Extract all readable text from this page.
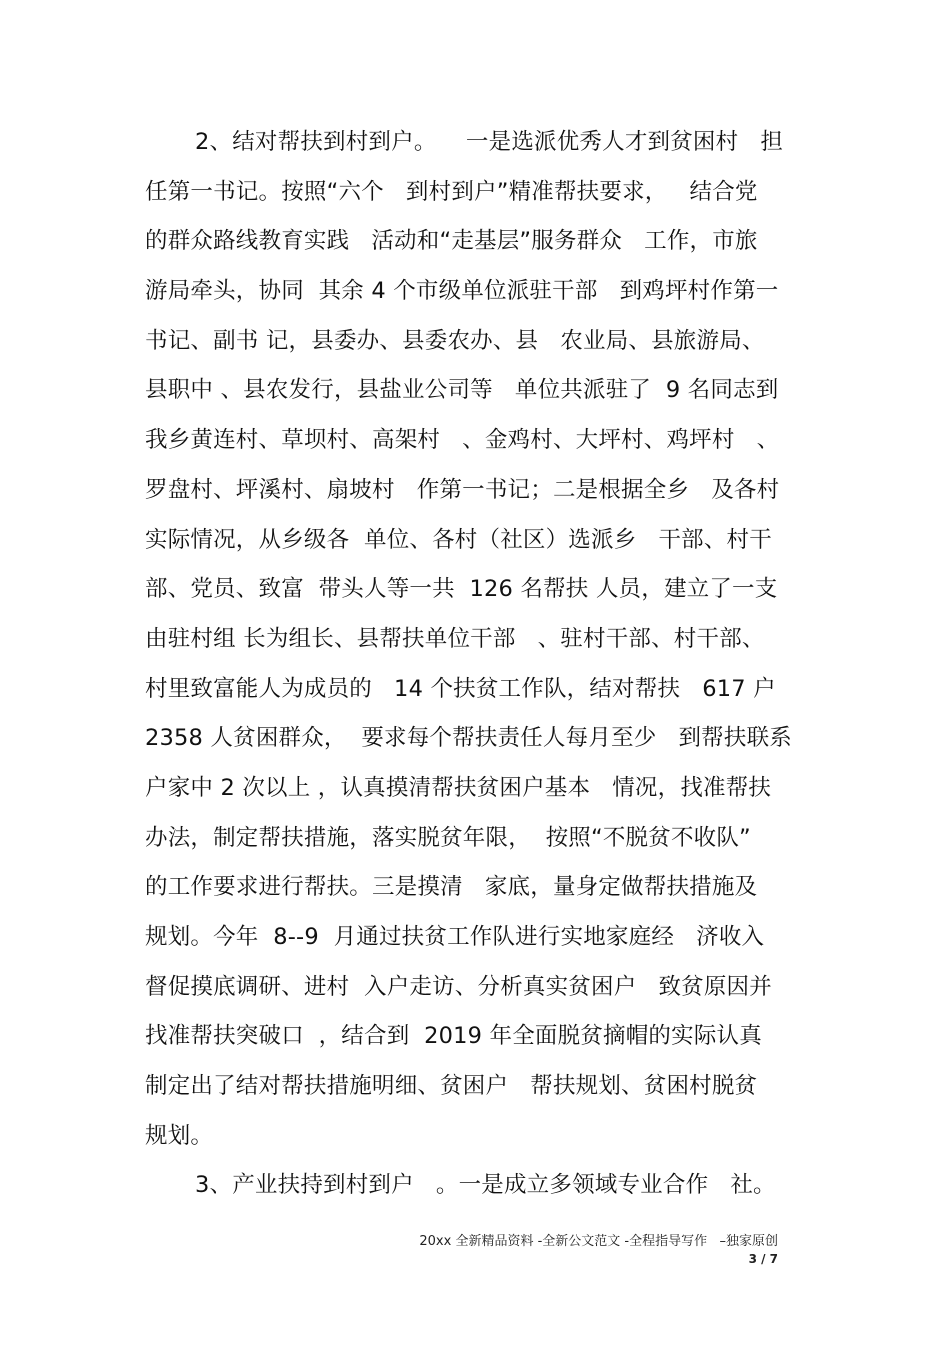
2、结对帮扶到村到户。    一是选派优秀人才到贫困村   担
任第一书记。按照“六个   到村到户”精准帮扶要求，   结合党
的群众路线教育实践   活动和“走基层”服务群众   工作，市旅
游局牵头，协同  其余 4 个市级单位派驻干部   到鸡坪村作第一
书记、副书 记，县委办、县委农办、县   农业局、县旅游局、
县职中 、县农发行，县盐业公司等   单位共派驻了  9 名同志到
我乡黄连村、草坝村、高架村   、金鸡村、大坪村、鸡坪村   、
罗盘村、坪溪村、扇坡村   作第一书记；二是根据全乡   及各村
实际情况，从乡级各  单位、各村（社区）选派乡   干部、村干
部、党员、致富  带头人等一共  126 名帮扶 人员，建立了一支
由驻村组 长为组长、县帮扶单位干部   、驻村干部、村干部、
村里致富能人为成员的   14 个扶贫工作队，结对帮扶   617 户
2358 人贫困群众，  要求每个帮扶责任人每月至少   到帮扶联系
户家中 2 次以上 ，认真摸清帮扶贫困户基本   情况，找准帮扶
办法，制定帮扶措施，落实脱贫年限，  按照“不脱贫不收队”
的工作要求进行帮扶。三是摸清   家底，量身定做帮扶措施及
规划。今年  8--9  月通过扶贫工作队进行实地家庭经   济收入
督促摸底调研、进村  入户走访、分析真实贫困户   致贫原因并
找准帮扶突破口  ，结合到  2019 年全面脱贫摘帽的实际认真
制定出了结对帮扶措施明细、贫困户   帮扶规划、贫困村脱贫
规划。
3、产业扶持到村到户   。一是成立多领域专业合作   社。
20xx 全新精品资料 -全新公文范文 -全程指导写作   –独家原创
3 / 7
